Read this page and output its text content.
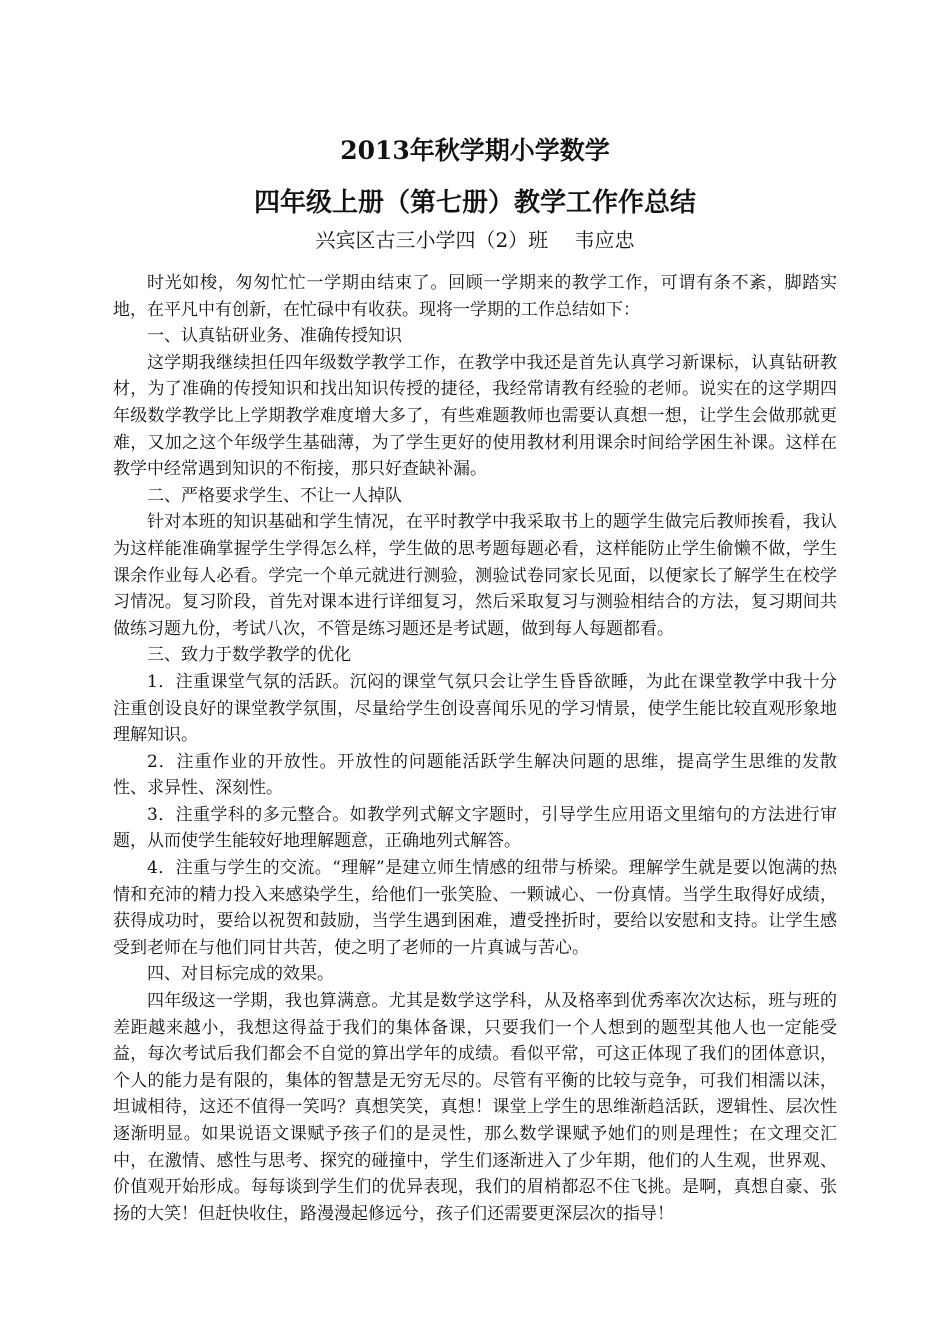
2013年秋学期小学数学
四年级上册（第七册）教学工作作总结
兴宾区古三小学四（2）班　 韦应忠

时光如梭，匆匆忙忙一学期由结束了。回顾一学期来的教学工作，可谓有条不紊，脚踏实地，在平凡中有创新，在忙碌中有收获。现将一学期的工作总结如下：

一、认真钻研业务、准确传授知识

这学期我继续担任四年级数学教学工作，在教学中我还是首先认真学习新课标，认真钻研教材，为了准确的传授知识和找出知识传授的捷径，我经常请教有经验的老师。说实在的这学期四年级数学教学比上学期教学难度增大多了，有些难题教师也需要认真想一想，让学生会做那就更难，又加之这个年级学生基础薄，为了学生更好的使用教材利用课余时间给学困生补课。这样在教学中经常遇到知识的不衔接，那只好查缺补漏。

二、严格要求学生、不让一人掉队

针对本班的知识基础和学生情况，在平时教学中我采取书上的题学生做完后教师挨看，我认为这样能准确掌握学生学得怎么样，学生做的思考题每题必看，这样能防止学生偷懒不做，学生课余作业每人必看。学完一个单元就进行测验，测验试卷同家长见面，以便家长了解学生在校学习情况。复习阶段，首先对课本进行详细复习，然后采取复习与测验相结合的方法，复习期间共做练习题九份，考试八次，不管是练习题还是考试题，做到每人每题都看。

三、致力于数学教学的优化

1．注重课堂气氛的活跃。沉闷的课堂气氛只会让学生昏昏欲睡，为此在课堂教学中我十分注重创设良好的课堂教学氛围，尽量给学生创设喜闻乐见的学习情景，使学生能比较直观形象地理解知识。

2．注重作业的开放性。开放性的问题能活跃学生解决问题的思维，提高学生思维的发散性、求异性、深刻性。

3．注重学科的多元整合。如教学列式解文字题时，引导学生应用语文里缩句的方法进行审题，从而使学生能较好地理解题意，正确地列式解答。

4．注重与学生的交流。“理解”是建立师生情感的纽带与桥梁。理解学生就是要以饱满的热情和充沛的精力投入来感染学生，给他们一张笑脸、一颗诚心、一份真情。当学生取得好成绩，获得成功时，要给以祝贺和鼓励，当学生遇到困难，遭受挫折时，要给以安慰和支持。让学生感受到老师在与他们同甘共苦，使之明了老师的一片真诚与苦心。

四、对目标完成的效果。

四年级这一学期，我也算满意。尤其是数学这学科，从及格率到优秀率次次达标，班与班的差距越来越小，我想这得益于我们的集体备课，只要我们一个人想到的题型其他人也一定能受益，每次考试后我们都会不自觉的算出学年的成绩。看似平常，可这正体现了我们的团体意识，个人的能力是有限的，集体的智慧是无穷无尽的。尽管有平衡的比较与竞争，可我们相濡以沫，坦诚相待，这还不值得一笑吗？真想笑笑，真想！课堂上学生的思维渐趋活跃，逻辑性、层次性逐渐明显。如果说语文课赋予孩子们的是灵性，那么数学课赋予她们的则是理性；在文理交汇中，在激情、感性与思考、探究的碰撞中，学生们逐渐进入了少年期，他们的人生观，世界观、价值观开始形成。每每谈到学生们的优异表现，我们的眉梢都忍不住飞挑。是啊，真想自豪、张扬的大笑！但赶快收住，路漫漫起修远兮，孩子们还需要更深层次的指导！
